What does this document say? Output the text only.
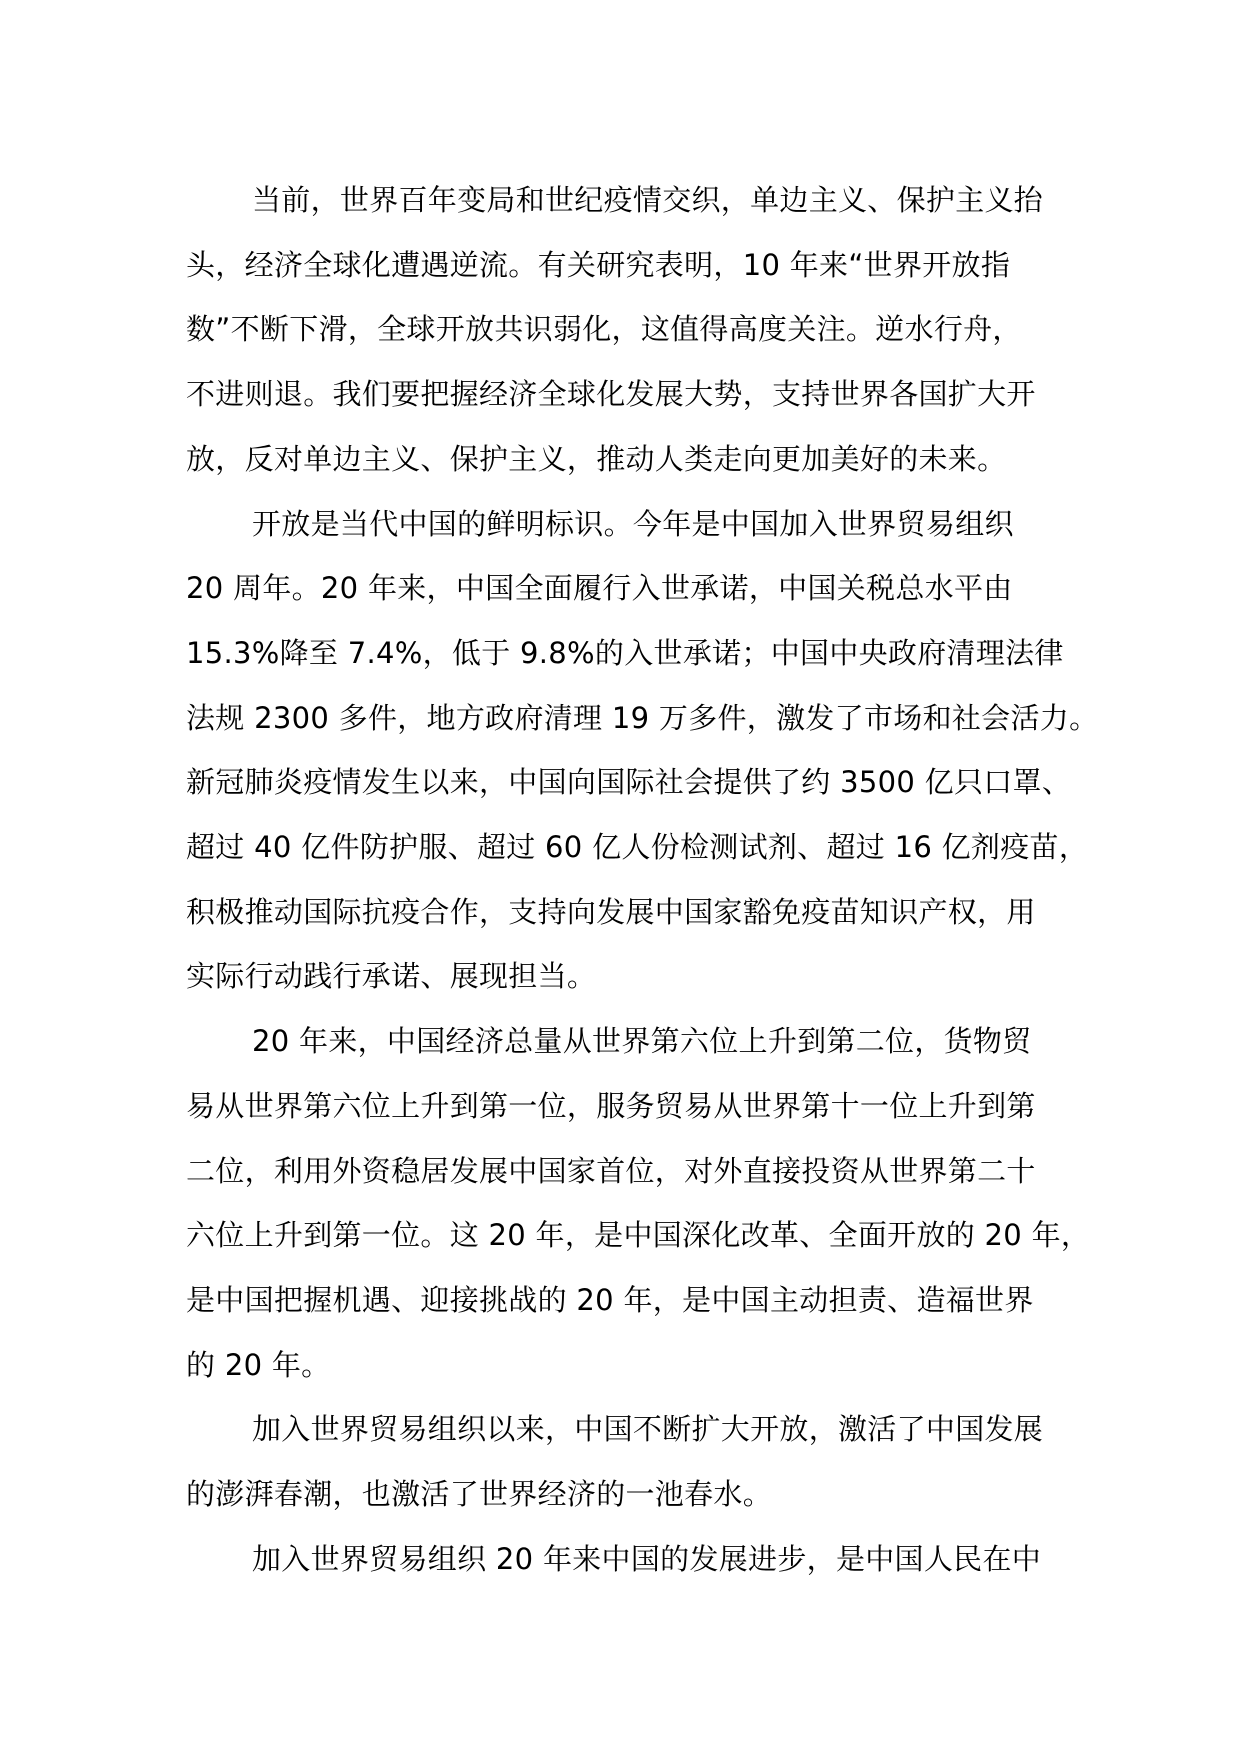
当前，世界百年变局和世纪疫情交织，单边主义、保护主义抬
头，经济全球化遭遇逆流。有关研究表明，10 年来“世界开放指
数”不断下滑，全球开放共识弱化，这值得高度关注。逆水行舟，
不进则退。我们要把握经济全球化发展大势，支持世界各国扩大开
放，反对单边主义、保护主义，推动人类走向更加美好的未来。

开放是当代中国的鲜明标识。今年是中国加入世界贸易组织
20 周年。20 年来，中国全面履行入世承诺，中国关税总水平由
15.3%降至 7.4%，低于 9.8%的入世承诺；中国中央政府清理法律
法规 2300 多件，地方政府清理 19 万多件，激发了市场和社会活力。
新冠肺炎疫情发生以来，中国向国际社会提供了约 3500 亿只口罩、
超过 40 亿件防护服、超过 60 亿人份检测试剂、超过 16 亿剂疫苗，
积极推动国际抗疫合作，支持向发展中国家豁免疫苗知识产权，用
实际行动践行承诺、展现担当。

20 年来，中国经济总量从世界第六位上升到第二位，货物贸
易从世界第六位上升到第一位，服务贸易从世界第十一位上升到第
二位，利用外资稳居发展中国家首位，对外直接投资从世界第二十
六位上升到第一位。这 20 年，是中国深化改革、全面开放的 20 年，
是中国把握机遇、迎接挑战的 20 年，是中国主动担责、造福世界
的 20 年。

加入世界贸易组织以来，中国不断扩大开放，激活了中国发展
的澎湃春潮，也激活了世界经济的一池春水。

加入世界贸易组织 20 年来中国的发展进步，是中国人民在中
